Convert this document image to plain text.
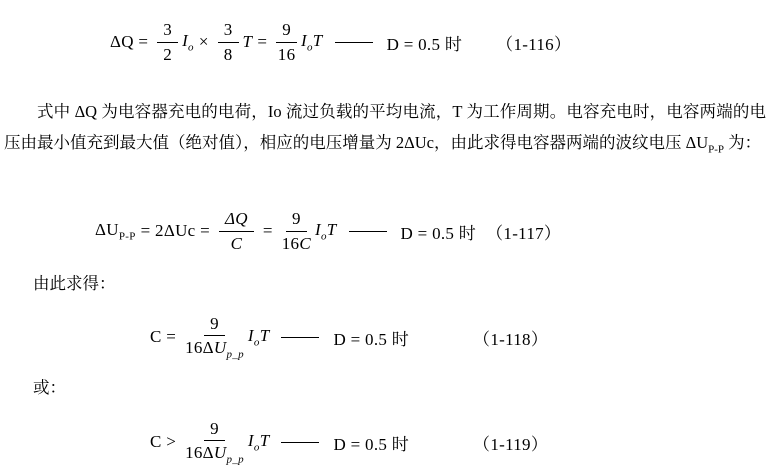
$\Delta Q = \frac{3}{2} I_o \times \frac{3}{8}$ $T = \frac{9}{16} I_oT$	D = 0.5 时 （1-116）

式中 ΔQ 为电容器充电的电荷，Io 流过负载的平均电流，T 为工作周期。电容充电时，电容两端的电压由最小值充到最大值（绝对值），相应的电压增量为 2ΔUc，由此求得电容器两端的波纹电压 $\Delta U_{P-P}$ 为：

$\Delta U_{P-P} = 2\Delta Uc = \frac{\Delta Q}{C} = \frac{9}{16C} I_oT$	D = 0.5 时 （1-117）
由此求得：
$C = \frac{9}{16\Delta U_{p\_p}} I_oT$	D = 0.5 时	（1-118）
或：
$C > \frac{9}{16\Delta U_{p\_p}} I_oT$	D = 0.5 时	（1-119）
